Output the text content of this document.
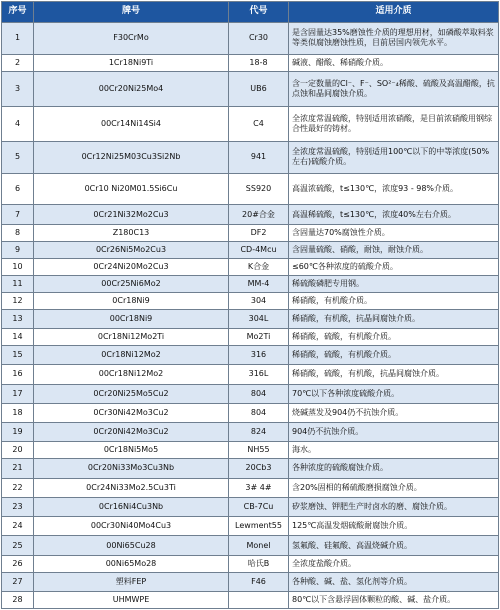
序号	牌号	代号	适用介质
1	F30CrMo	Cr30	是含固量达35%磨蚀性介质的理想用材，如磷酸萃取料浆等类似腐蚀磨蚀性质，目前居国内领先水平。
2	1Cr18Ni9Ti	18-8	碱液、醋酸、稀硝酸介质。
3	00Cr20Ni25Mo4	UB6	含一定数量的Cl⁻、F⁻、SO²⁻₄稀酸、硫酸及高温醋酸，抗点蚀和晶间腐蚀介质。
4	00Cr14Ni14Si4	C4	全浓度常温硫酸，特别适用浓硝酸，是目前浓硝酸用钢综合性最好的铸材。
5	0Cr12Ni25M03Cu3Si2Nb	941	全浓度常温硫酸，特别适用100℃以下的中等浓度(50%左右)硫酸介质。
6	0Cr10 Ni20M01.5Si6Cu	SS920	高温浓硫酸，t≤130℃，浓度93 - 98%介质。
7	0Cr21Ni32Mo2Cu3	20#合金	高温稀硫酸，t≤130℃，浓度40%左右介质。
8	Z180C13	DF2	含固量达70%腐蚀性介质。
9	0Cr26Ni5Mo2Cu3	CD-4Mcu	含固量硫酸、硝酸，耐蚀，耐蚀介质。
10	0Cr24Ni20Mo2Cu3	K合金	≤60℃各种浓度的硫酸介质。
11	00Cr25Ni6Mo2	MM-4	稀硫酸磷肥专用钢。
12	0Cr18Ni9	304	稀硝酸，有机酸介质。
13	00Cr18Ni9	304L	稀硝酸，有机酸，抗晶间腐蚀介质。
14	0Cr18Ni12Mo2Ti	Mo2Ti	稀硝酸，硫酸，有机酸介质。
15	0Cr18Ni12Mo2	316	稀硝酸，硫酸，有机酸介质。
16	00Cr18Ni12Mo2	316L	稀硝酸，硫酸，有机酸，抗晶间腐蚀介质。
17	0Cr20Ni25Mo5Cu2	804	70℃以下各种浓度硫酸介质。
18	0Cr30Ni42Mo3Cu2	804	烧碱蒸发及904仍不抗蚀介质。
19	0Cr20Ni42Mo3Cu2	824	904仍不抗蚀介质。
20	0Cr18Ni5Mo5	NH55	海水。
21	0Cr20Ni33Mo3Cu3Nb	20Cb3	各种浓度的硫酸腐蚀介质。
22	0Cr24Ni33Mo2.5Cu3Ti	3# 4#	含20%固相的稀硫酸磨损腐蚀介质。
23	0Cr16Ni4Cu3Nb	CB-7Cu	矽浆磨蚀、钾肥生产时卤水的磨、腐蚀介质。
24	00Cr30Ni40Mo4Cu3	Lewment55	125℃高温发烟硫酸耐腐蚀介质。
25	00Ni65Cu28	Monel	氢氟酸、硅氟酸、高温烧碱介质。
26	00Ni65Mo28	哈氏B	全浓度盐酸介质。
27	塑料FEP	F46	各种酸、碱、盐、氢化剂等介质。
28	UHMWPE		80℃以下含悬浮固体颗粒的酸、碱、盐介质。
